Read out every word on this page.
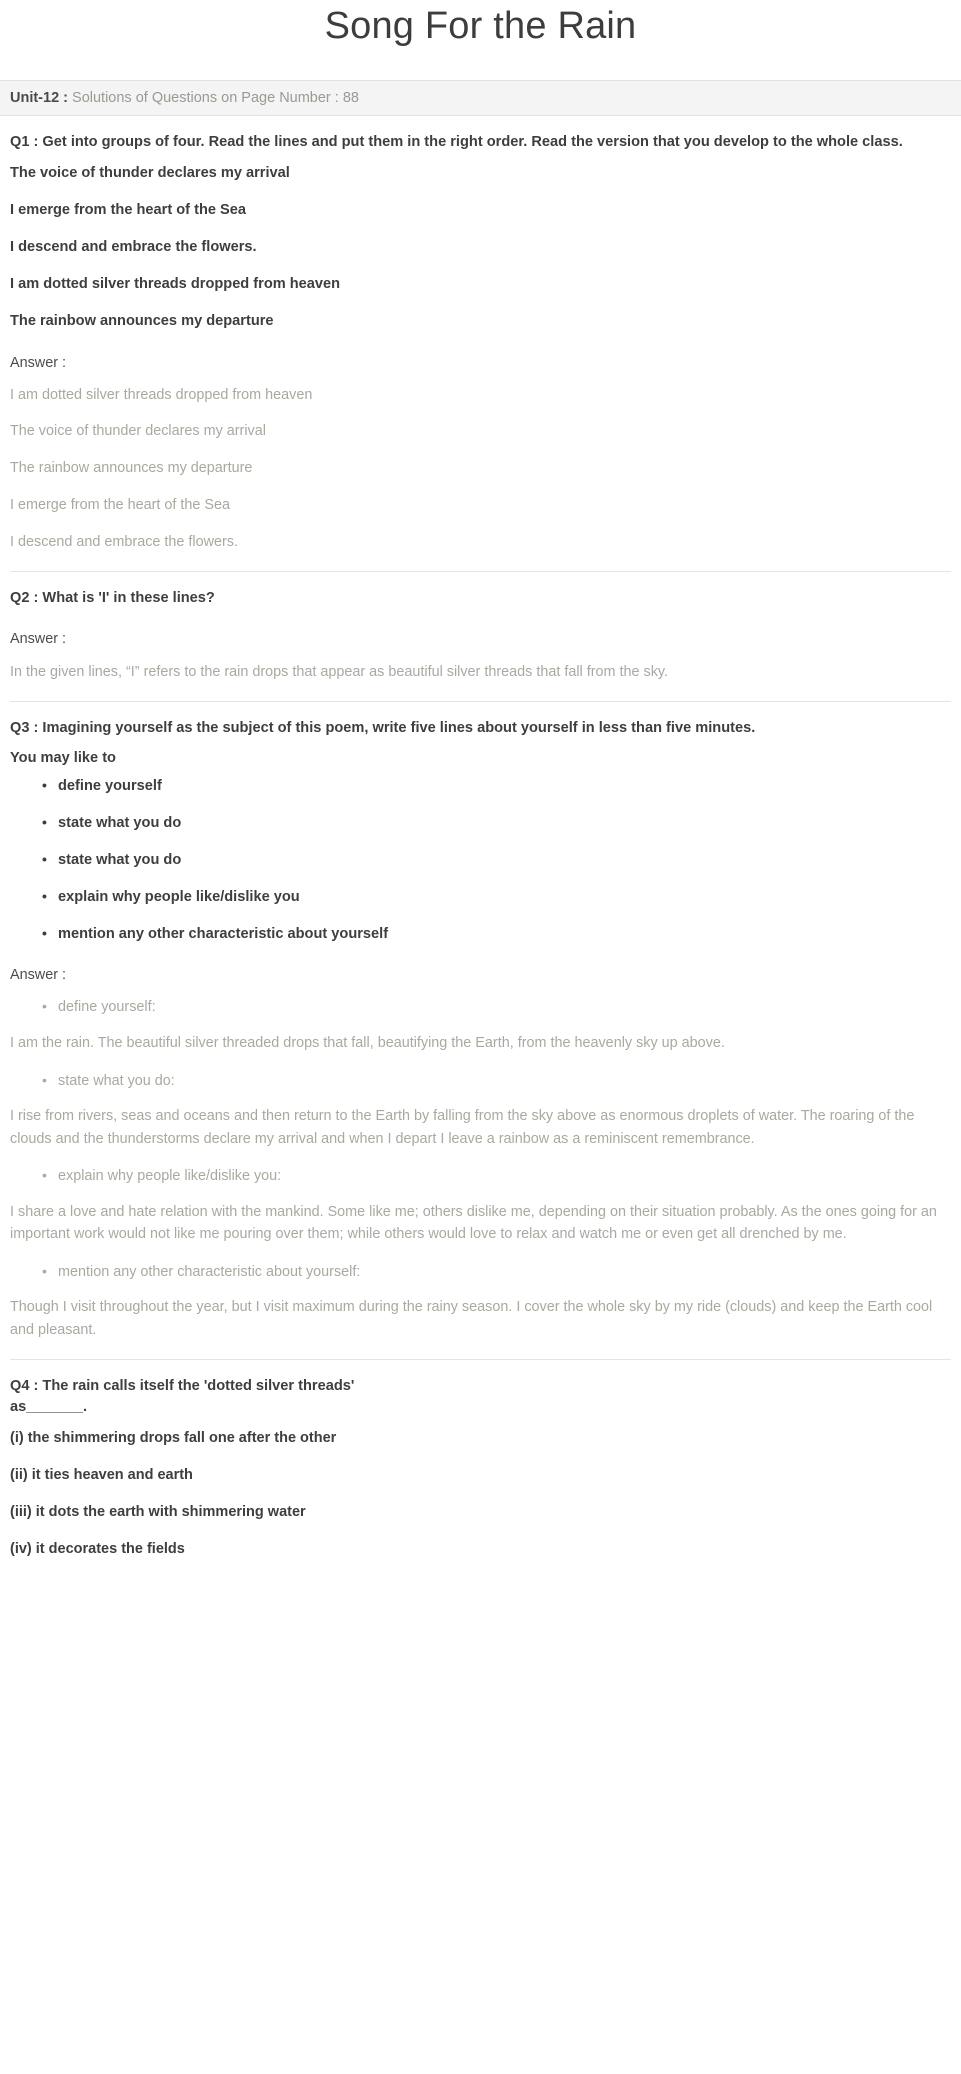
Song For the Rain
Unit-12 : Solutions of Questions on Page Number : 88

Q1 : Get into groups of four. Read the lines and put them in the right order. Read the version that you develop to the whole class.

The voice of thunder declares my arrival

I emerge from the heart of the Sea

I descend and embrace the flowers.

I am dotted silver threads dropped from heaven

The rainbow announces my departure

Answer :

I am dotted silver threads dropped from heaven

The voice of thunder declares my arrival

The rainbow announces my departure

I emerge from the heart of the Sea

I descend and embrace the flowers.

Q2 : What is 'I' in these lines?

Answer :

In the given lines, “I” refers to the rain drops that appear as beautiful silver threads that fall from the sky.

Q3 : Imagining yourself as the subject of this poem, write five lines about yourself in less than five minutes.

You may like to

• define yourself
• state what you do
• state what you do
• explain why people like/dislike you
• mention any other characteristic about yourself

Answer :

• define yourself:

I am the rain. The beautiful silver threaded drops that fall, beautifying the Earth, from the heavenly sky up above.

• state what you do:

I rise from rivers, seas and oceans and then return to the Earth by falling from the sky above as enormous droplets of water. The roaring of the clouds and the thunderstorms declare my arrival and when I depart I leave a rainbow as a reminiscent remembrance.

• explain why people like/dislike you:

I share a love and hate relation with the mankind. Some like me; others dislike me, depending on their situation probably. As the ones going for an important work would not like me pouring over them; while others would love to relax and watch me or even get all drenched by me.

• mention any other characteristic about yourself:

Though I visit throughout the year, but I visit maximum during the rainy season. I cover the whole sky by my ride (clouds) and keep the Earth cool and pleasant.

Q4 : The rain calls itself the 'dotted silver threads'
as_______.

(i) the shimmering drops fall one after the other

(ii) it ties heaven and earth

(iii) it dots the earth with shimmering water

(iv) it decorates the fields
